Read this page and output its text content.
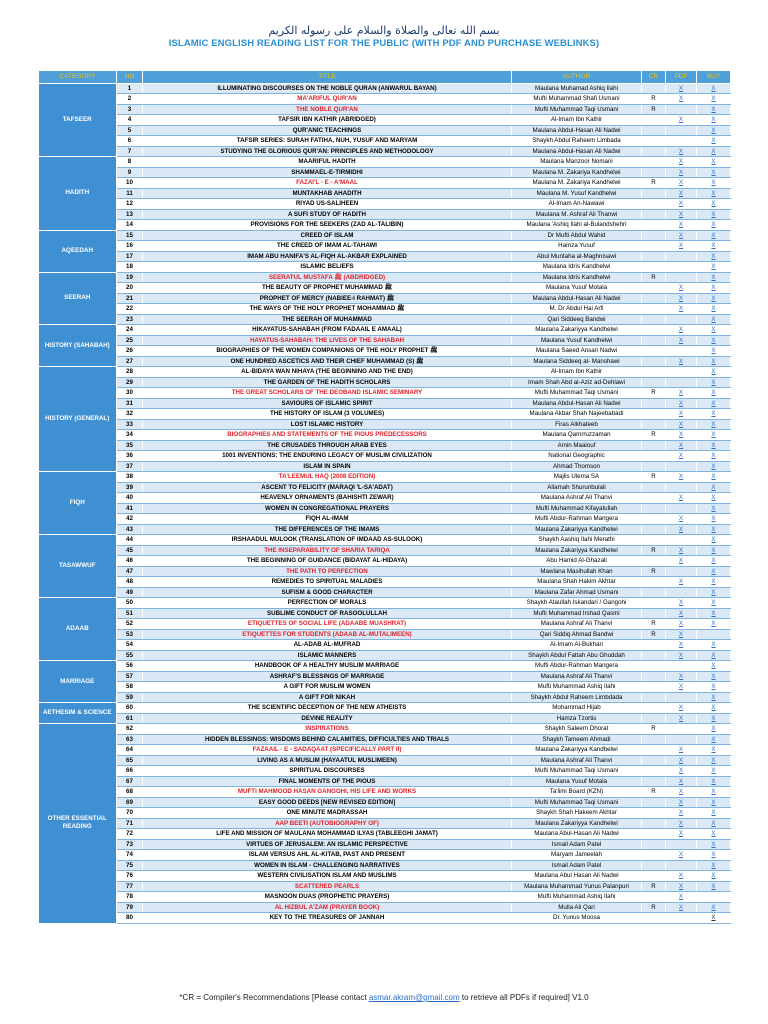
بسم الله تعالى والصلاة والسلام على رسوله الكريم
ISLAMIC ENGLISH READING LIST FOR THE PUBLIC (WITH PDF AND PURCHASE WEBLINKS)
CATEGORY	NO	TITLE	AUTHOR	CR	PDF	BUY
TAFSEER	1	ILLUMINATING DISCOURSES ON THE NOBLE QURAN (ANWARUL BAYAN)	Maulana Muhamad Ashiq Ilahi		X	X
	2	MA'ARIFUL QUR'AN	Mufti Muhammad Shafi Usmani	R	X	X
	3	THE NOBLE QUR'AN	Mufti Muhammad Taqi Usmani	R		X
	4	TAFSIR IBN KATHIR (ABRIDGED)	Al-Imam Ibn Kathir		X	X
	5	QUR'ANIC TEACHINGS	Maulana Abdul-Hasan Ali Nadwi			X
	6	TAFSIR SERIES: SURAH FATIHA, NUH, YUSUF AND MARYAM	Shaykh Abdul Raheem Limbada			X
	7	STUDYING THE GLORIOUS QUR'AN: PRINCIPLES AND METHODOLOGY	Maulana Abdul-Hasan Ali Nadwi		X	X
HADITH	8	MAARIFUL HADITH	Maulana Manzoor Nomani		X	X
	9	SHAMMAEL-E-TIRMIDHI	Maulana M. Zakariya Kandhelwi		X	X
	10	FAZAI'L - E - A'MAAL	Maulana M. Zakariya Kandhelwi	R	X	X
	11	MUNTAKHAB AHADITH	Maulana M. Yusuf Kandhelwi		X	X
	12	RIYAD US-SALIHEEN	Al-Imam An-Nawawi		X	X
	13	A SUFI STUDY OF HADITH	Maulana M. Ashraf Ali Thanwi		X	X
	14	PROVISIONS FOR THE SEEKERS (ZAD AL-TALIBIN)	Maulana 'Ashiq Ilahi al-Bulandshehri		X	X
AQEEDAH	15	CREED OF ISLAM	Dr Mufti Abdul Wahid		X	X
	16	THE CREED OF IMAM AL-TAHAWI	Hamza Yusuf		X	X
	17	IMAM ABU HANIFA'S AL-FIQH AL-AKBAR EXPLAINED	Abul Muntaha al-Maghnisawi			X
	18	ISLAMIC BELIEFS	Maulana Idris Kandhelwi			X
SEERAH	19	SEERATUL MUSTAFA ﷺ (ABDRIDGED)	Maulana Idris Kandhelwi	R		X
	20	THE BEAUTY OF PROPHET MUHAMMAD ﷺ	Maulana Yusuf Motala		X	X
	21	PROPHET OF MERCY (NABIEE-I RAHMAT) ﷺ	Maulana Abdul-Hasan Ali Nadwi		X	X
	22	THE WAYS OF THE HOLY PROPHET MOHAMMAD ﷺ	M. Dr Abdul Hai Arfi		X	X
	23	THE SEERAH OF MUHAMMAD	Qari Siddeeq Bandwi			X
HISTORY (SAHABAH)	24	HIKAYATUS-SAHABAH (FROM FADAAIL E AMAAL)	Maulana Zakariyya Kandhelwi		X	X
	25	HAYATUS-SAHABAH: THE LIVES OF THE SAHABAH	Maulana Yusuf Kandhelwi		X	X
	26	BIOGRAPHIES OF THE WOMEN COMPANIONS OF THE HOLY PROPHET ﷺ	Maulana Saeed Ansari Nadwi			X
	27	ONE HUNDRED ASCETICS AND THEIR CHIEF MUHAMMAD (S) ﷺ	Maulana Siddeeq al- Manshawi		X	X
HISTORY (GENERAL)	28	AL-BIDAYA WAN NIHAYA (THE BEGINNING AND THE END)	Al-Imam Ibn Kathir			X
	29	THE GARDEN OF THE HADITH SCHOLARS	Imam Shah Abd al-Aziz ad-Dehlawi			X
	30	THE GREAT SCHOLARS OF THE DEOBAND ISLAMIC SEMINARY	Mufti Muhammad Taqi Usmani	R	X	X
	31	SAVIOURS OF ISLAMIC SPIRIT	Maulana Abdul-Hasan Ali Nadwi		X	X
	32	THE HISTORY OF ISLAM (3 VOLUMES)	Maulana Akbar Shah Najeebabadi		X	X
	33	LOST ISLAMIC HISTORY	Firas Alkhateeb		X	X
	34	BIOGRAPHIES AND STATEMENTS OF THE PIOUS PREDECESSORS	Maulana Qamrruzzaman	R	X	X
	35	THE CRUSADES THROUGH ARAB EYES	Amin Maalouf		X	X
	36	1001 INVENTIONS: THE ENDURING LEGACY OF MUSLIM CIVILIZATION	National Geographic		X	X
	37	ISLAM IN SPAIN	Ahmad Thomson			X
FIQH	38	TA'LEEMUL HAQ (2008 EDITION)	Majlis Ulema SA	R	X	X
	39	ASCENT TO FELICITY (MARAQI 'L-SA'ADAT)	Allamah Shurunbulali			X
	40	HEAVENLY ORNAMENTS (BAHISHTI ZEWAR)	Maulana Ashraf Ali Thanvi		X	X
	41	WOMEN IN CONGREGATIONAL PRAYERS	Mufti Muhammad Kifayatullah			X
	42	FIQH AL-IMAM	Mufti Abdur-Rahman Mangera		X	X
	43	THE DIFFERENCES OF THE IMAMS	Maulana Zakariyya Kandhelwi		X	X
TASAWWUF	44	IRSHAADUL MULOOK (TRANSLATION OF IMDAAD AS-SULOOK)	Shaykh Aashiq Ilahi Merathi			X
	45	THE INSEPARABILITY OF SHARIA TARIQA	Maulana Zakariyya Kandhelwi	R	X	X
	46	THE BEGINNING OF GUIDANCE (BIDAYAT AL-HIDAYA)	Abu Hamid Al-Ghazali		X	X
	47	THE PATH TO PERFECTION	Mawlana Masihullah Khan	R		X
	48	REMEDIES TO SPIRITUAL MALADIES	Maulana Shah Hakim Akhtar		X	X
	49	SUFISM & GOOD CHARACTER	Maulana Zafar Ahmad Usmani			X
ADAAB	50	PERFECTION OF MORALS	Shaykh Ataullah Iskandari / Gangohi		X	X
	51	SUBLIME CONDUCT OF RASOOLULLAH	Mufti Muhammad Irshad Qasmi		X	X
	52	ETIQUETTES OF SOCIAL LIFE (ADAABE MUASHRAT)	Maulana Ashraf Ali Thanvi	R	X	X
	53	ETIQUETTES FOR STUDENTS (ADAAB AL-MUTALIMEEN)	Qari Siddiq Ahmad Bandwi	R	X	
	54	AL-ADAB AL-MUFRAD	Al-Imam Al-Bukhari		X	X
	55	ISLAMIC MANNERS	Shaykh Abdul Fattah Abu Ghuddah		X	X
MARRIAGE	56	HANDBOOK OF A HEALTHY MUSLIM MARRIAGE	Mufti Abdur-Rahman Mangera			X
	57	ASHRAF'S BLESSINGS OF MARRIAGE	Maulana Ashraf Ali Thanvi		X	X
	58	A GIFT FOR MUSLIM WOMEN	Mufti Muhammad Ashiq Ilahi		X	X
	59	A GIFT FOR NIKAH	Shaykh Abdul Raheem Limbdada			X
AETHESIM & SCIENCE	60	THE SCIENTIFIC DECEPTION OF THE NEW ATHEISTS	Mohammad Hijab		X	X
	61	DEVINE REALITY	Hamza Tzortis		X	X
OTHER ESSENTIAL READING	62	INSPIRATIONS	Shaykh Saleem Dhorat	R		X
	63	HIDDEN BLESSINGS: WISDOMS BEHIND CALAMITIES, DIFFICULTIES AND TRIALS	Shaykh Tameem Ahmadi			X
	64	FAZAAIL - E - SADAQAAT (SPECIFICALLY PART II)	Maulana Zakariyya Kandhelwi		X	X
	65	LIVING AS A MUSLIM (HAYAATUL MUSLIMEEN)	Maulana Ashraf Ali Thanvi		X	X
	66	SPIRITUAL DISCOURSES	Mufti Muhammad Taqi Usmani		X	X
	67	FINAL MOMENTS OF THE PIOUS	Maulana Yusuf Motala		X	X
	68	MUFTI MAHMOOD HASAN GANGOHI, HIS LIFE AND WORKS	Ta'limi Board (KZN)	R	X	X
	69	EASY GOOD DEEDS [NEW REVISED EDITION]	Mufti Muhammad Taqi Usmani		X	X
	70	ONE MINUTE MADRASSAH	Shaykh Shah Hakeem Akhtar		X	X
	71	AAP BEETI (AUTOBIOGRAPHY OF)	Maulana Zakariyya Kandhelwi		X	X
	72	LIFE AND MISSION OF MAULANA MOHAMMAD ILYAS (TABLEEGHI JAMAT)	Maulana Abul-Hasan Ali Nadwi		X	X
	73	VIRTUES OF JERUSALEM: AN ISLAMIC PERSPECTIVE	Ismail Adam Patel			X
	74	ISLAM VERSUS AHL AL-KITAB, PAST AND PRESENT	Maryam Jameelah		X	X
	75	WOMEN IN ISLAM - CHALLENGING NARRATIVES	Ismail Adam Patel			X
	76	WESTERN CIVILISATION ISLAM AND MUSLIMS	Maulana Abul Hasan Ali Nadwi		X	X
	77	SCATTERED PEARLS	Maulana Muhammad Yunus Palanpuri	R	X	X
	78	MASNOON DUAS (PROPHETIC PRAYERS)	Mufti Muhammad Ashiq Ilahi		X	
	79	AL HIZBUL A'ZAM (PRAYER BOOK)	Mulla Ali Qari	R	X	X
	80	KEY TO THE TREASURES OF JANNAH	Dr. Yunus Moosa			X
*CR = Compiler's Recommendations [Please contact asmar.akram@gmail.com to retrieve all PDFs if required] V1.0
